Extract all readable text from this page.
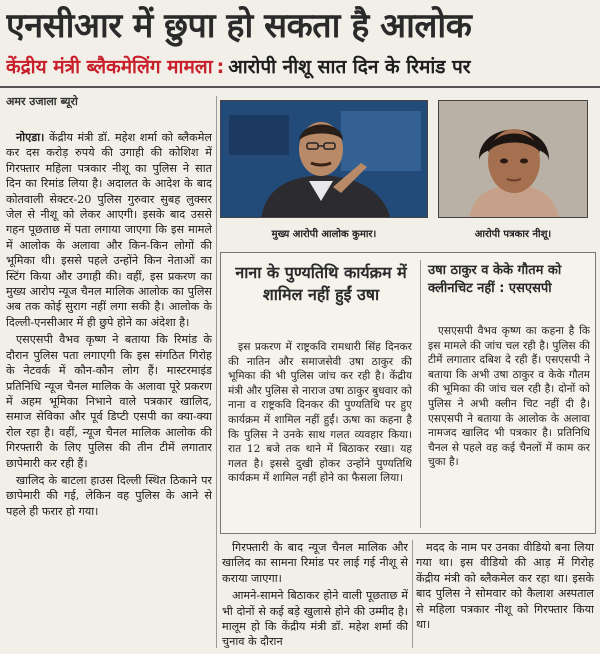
एनसीआर में छुपा हो सकता है आलोक
केंद्रीय मंत्री ब्लैकमेलिंग मामला : आरोपी नीशू सात दिन के रिमांड पर
अमर उजाला ब्यूरो

नोएडा। केंद्रीय मंत्री डॉ. महेश शर्मा को ब्लैकमेल कर दस करोड़ रुपये की उगाही की कोशिश में गिरफ्तार महिला पत्रकार नीशू का पुलिस ने सात दिन का रिमांड लिया है। अदालत के आदेश के बाद कोतवाली सेक्टर-20 पुलिस गुरुवार सुबह लुक्सर जेल से नीशू को लेकर आएगी। इसके बाद उससे गहन पूछताछ में पता लगाया जाएगा कि इस मामले में आलोक के अलावा और किन-किन लोगों की भूमिका थी। इससे पहले उन्होंने किन नेताओं का स्टिंग किया और उगाही की। वहीं, इस प्रकरण का मुख्य आरोप न्यूज चैनल मालिक आलोक का पुलिस अब तक कोई सुराग नहीं लगा सकी है। आलोक के दिल्ली-एनसीआर में ही छुपे होने का अंदेशा है।

एसएसपी वैभव कृष्ण ने बताया कि रिमांड के दौरान पुलिस पता लगाएगी कि इस संगठित गिरोह के नेटवर्क में कौन-कौन लोग हैं। मास्टरमाइंड प्रतिनिधि न्यूज चैनल मालिक के अलावा पूरे प्रकरण में अहम भूमिका निभाने वाले पत्रकार खालिद, समाज सेविका और पूर्व डिप्टी एसपी का क्या-क्या रोल रहा है। वहीं, न्यूज चैनल मालिक आलोक की गिरफ्तारी के लिए पुलिस की तीन टीमें लगातार छापेमारी कर रही हैं।

खालिद के बाटला हाउस दिल्ली स्थित ठिकाने पर छापेमारी की गई, लेकिन वह पुलिस के आने से पहले ही फरार हो गया।

मुख्य आरोपी आलोक कुमार।	आरोपी पत्रकार नीशू।
नाना के पुण्यतिथि कार्यक्रम में शामिल नहीं हुईं उषा

इस प्रकरण में राष्ट्रकवि रामधारी सिंह दिनकर की नातिन और समाजसेवी उषा ठाकुर की भूमिका की भी पुलिस जांच कर रही है। केंद्रीय मंत्री और पुलिस से नाराज उषा ठाकुर बुधवार को नाना व राष्ट्रकवि दिनकर की पुण्यतिथि पर हुए कार्यक्रम में शामिल नहीं हुईं। ऊषा का कहना है कि पुलिस ने उनके साथ गलत व्यवहार किया। रात 12 बजे तक थाने में बिठाकर रखा। यह गलत है। इससे दुखी होकर उन्होंने पुण्यतिथि कार्यक्रम में शामिल नहीं होने का फैसला लिया।

उषा ठाकुर व केके गौतम को क्लीनचिट नहीं : एसएसपी

एसएसपी वैभव कृष्ण का कहना है कि इस मामले की जांच चल रही है। पुलिस की टीमें लगातार दबिश दे रही हैं। एसएसपी ने बताया कि अभी उषा ठाकुर व केके गौतम की भूमिका की जांच चल रही है। दोनों को पुलिस ने अभी क्लीन चिट नहीं दी है। एसएसपी ने बताया के आलोक के अलावा नामजद खालिद भी पत्रकार है। प्रतिनिधि चैनल से पहले वह कई चैनलों में काम कर चुका है।

गिरफ्तारी के बाद न्यूज चैनल मालिक और खालिद का सामना रिमांड पर लाई गई नीशू से कराया जाएगा।

आमने-सामने बिठाकर होने वाली पूछताछ में भी दोनों से कई बड़े खुलासे होने की उम्मीद है। मालूम हो कि केंद्रीय मंत्री डॉ. महेश शर्मा की चुनाव के दौरान

मदद के नाम पर उनका वीडियो बना लिया गया था। इस वीडियो की आड़ में गिरोह केंद्रीय मंत्री को ब्लैकमेल कर रहा था। इसके बाद पुलिस ने सोमवार को कैलाश अस्पताल से महिला पत्रकार नीशू को गिरफ्तार किया था।
